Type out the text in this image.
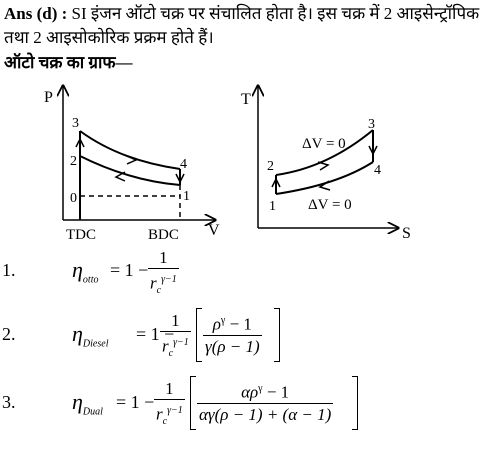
Ans (d) : SI इंजन ऑटो चक्र पर संचालित होता है। इस चक्र में 2 आइसेन्ट्रॉपिक तथा 2 आइसोकोरिक प्रक्रम होते हैं।
ऑटो चक्र का ग्राफ—
P
V
3
2
0
4
1
TDC	BDC
T
S
3
2	4
1
ΔV = 0
ΔV = 0
1.	$\eta_{otto} = 1$ −
1
$r_c^{\gamma-1}$
2.	$\eta_{Diesel} = 1$ −
1
$r_c^{\gamma-1} \frac{\rho^\gamma - 1}{\gamma(\rho - 1)}$
3.	$\eta_{Dual} = 1$ −
1
$r_c^{\gamma-1}$
$\alpha\rho^\gamma - 1$
αγ(ρ − 1) + (α − 1)
